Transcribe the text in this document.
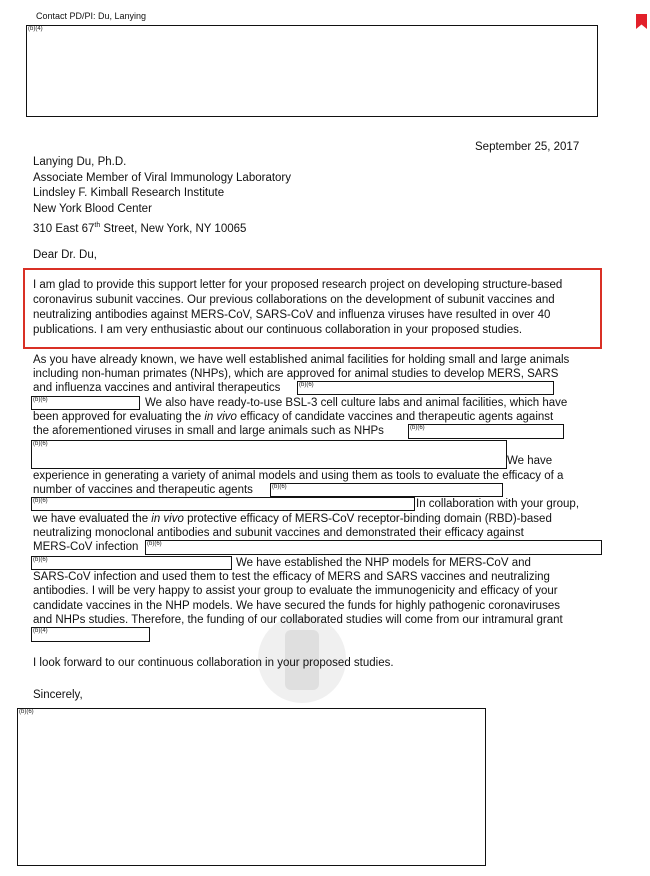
Contact PD/PI: Du, Lanying
(b)(4)
September 25, 2017
Lanying Du, Ph.D.
Associate Member of Viral Immunology Laboratory
Lindsley F. Kimball Research Institute
New York Blood Center
310 East 67th Street, New York, NY 10065
Dear Dr. Du,
I am glad to provide this support letter for your proposed research project on developing structure-based coronavirus subunit vaccines. Our previous collaborations on the development of subunit vaccines and neutralizing antibodies against MERS-CoV, SARS-CoV and influenza viruses have resulted in over 40 publications. I am very enthusiastic about our continuous collaboration in your proposed studies.
As you have already known, we have well established animal facilities for holding small and large animals
including non-human primates (NHPs), which are approved for animal studies to develop MERS, SARS
and influenza vaccines and antiviral therapeutics	(b)(6)
(b)(6)	We also have ready-to-use BSL-3 cell culture labs and animal facilities, which have
been approved for evaluating the in vivo efficacy of candidate vaccines and therapeutic agents against
the aforementioned viruses in small and large animals such as NHPs	(b)(6)
(b)(6)
We have
experience in generating a variety of animal models and using them as tools to evaluate the efficacy of a
number of vaccines and therapeutic agents	(b)(6)
(b)(6)	In collaboration with your group,
we have evaluated the in vivo protective efficacy of MERS-CoV receptor-binding domain (RBD)-based
neutralizing monoclonal antibodies and subunit vaccines and demonstrated their efficacy against
MERS-CoV infection (b)(6)
(b)(6)	We have established the NHP models for MERS-CoV and
SARS-CoV infection and used them to test the efficacy of MERS and SARS vaccines and neutralizing
antibodies. I will be very happy to assist your group to evaluate the immunogenicity and efficacy of your
candidate vaccines in the NHP models. We have secured the funds for highly pathogenic coronaviruses
and NHPs studies. Therefore, the funding of our collaborated studies will come from our intramural grant
(b)(4)
I look forward to our continuous collaboration in your proposed studies.
Sincerely,
(b)(6)
